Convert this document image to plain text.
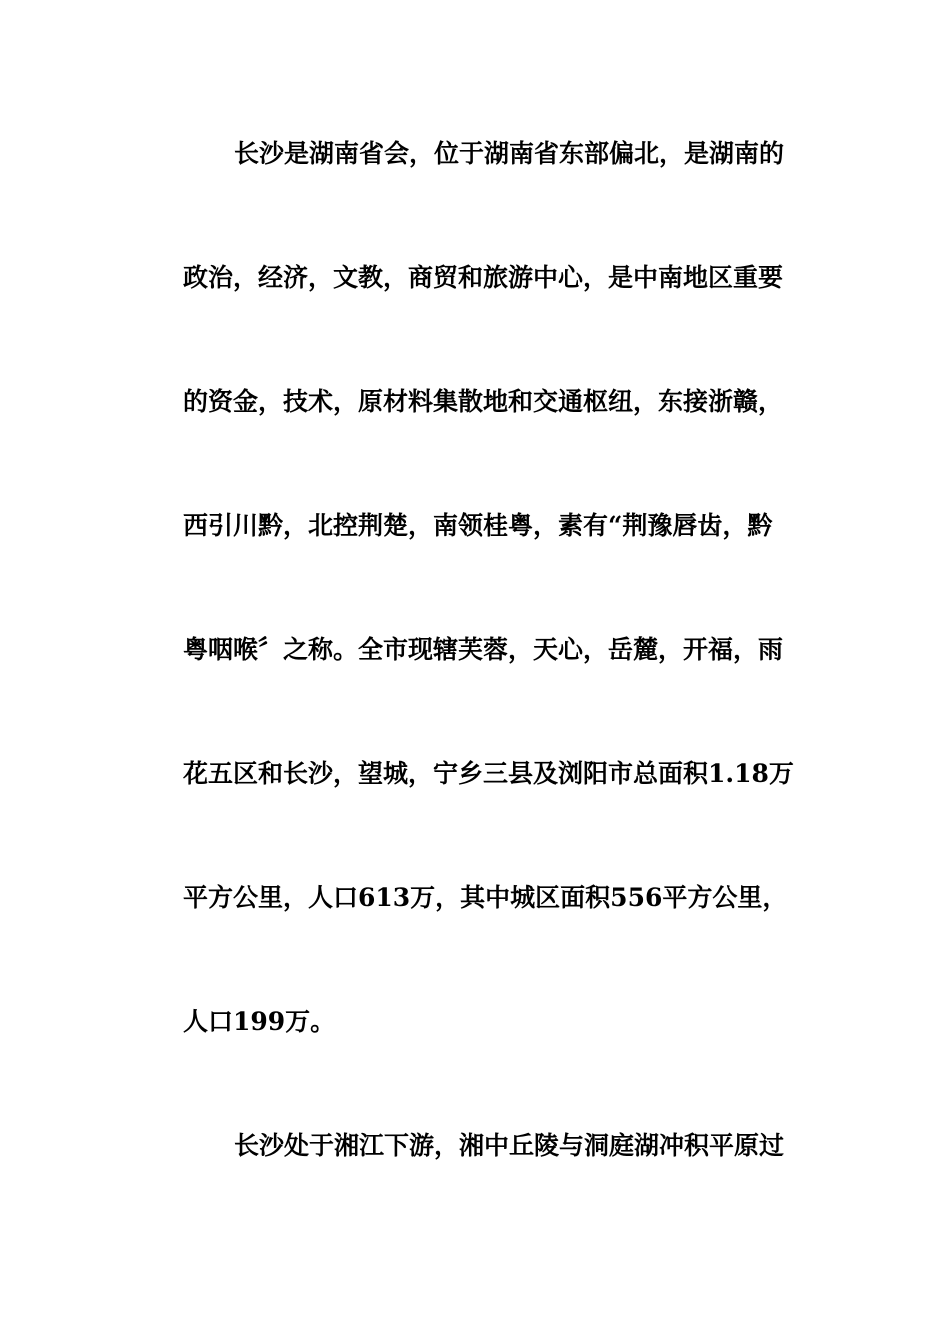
长沙是湖南省会，位于湖南省东部偏北，是湖南的
政治，经济，文教，商贸和旅游中心，是中南地区重要
的资金，技术，原材料集散地和交通枢纽，东接浙赣，
西引川黔，北控荆楚，南领桂粤，素有“荆豫唇齿，黔
粤咽喉〞之称。全市现辖芙蓉，天心，岳麓，开福，雨
花五区和长沙，望城，宁乡三县及浏阳市总面积1.18万
平方公里，人口613万，其中城区面积556平方公里，
人口199万。
长沙处于湘江下游，湘中丘陵与洞庭湖冲积平原过
